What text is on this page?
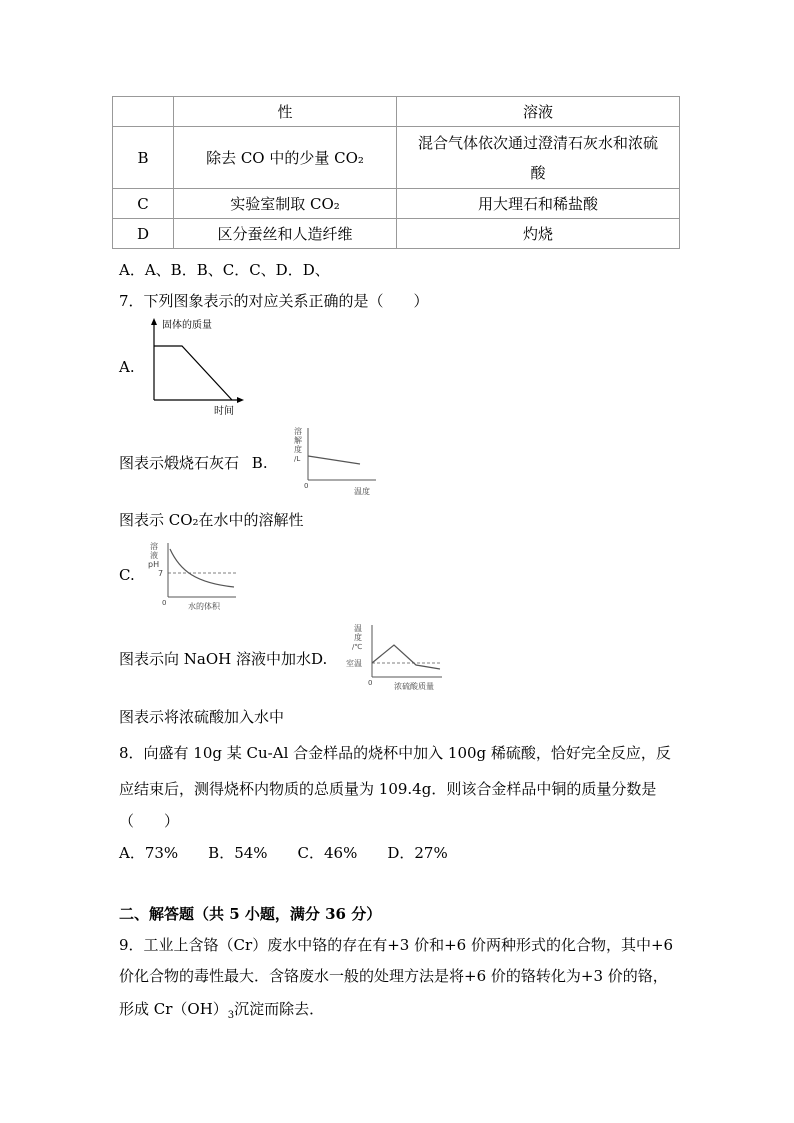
	性	溶液
B	除去 CO 中的少量 CO₂	混合气体依次通过澄清石灰水和浓硫
酸

C	实验室制取 CO₂	用大理石和稀盐酸
D	区分蚕丝和人造纤维	灼烧
A．A、B．B、C．C、D．D、
7．下列图象表示的对应关系正确的是（　　）
A.
固体的质量
时间
图表示煅烧石灰石 B.
溶
解
度
/L
0
温度
图表示 CO₂在水中的溶解性
C.
溶
液
pH
7
0	水的体积
图表示向 NaOH 溶液中加水D.
温
度
/℃
室温
0	浓硫酸质量
图表示将浓硫酸加入水中
8．向盛有 10g 某 Cu-Al 合金样品的烧杯中加入 100g 稀硫酸，恰好完全反应，反
应结束后，测得烧杯内物质的总质量为 109.4g．则该合金样品中铜的质量分数是
（　　）
A．73%　　B．54%　　C．46%　　D．27%
二、解答题（共 5 小题，满分 36 分）
9．工业上含铬（Cr）废水中铬的存在有+3 价和+6 价两种形式的化合物，其中+6
价化合物的毒性最大．含铬废水一般的处理方法是将+6 价的铬转化为+3 价的铬，
形成 $Cr(OH)_3$沉淀而除去．
